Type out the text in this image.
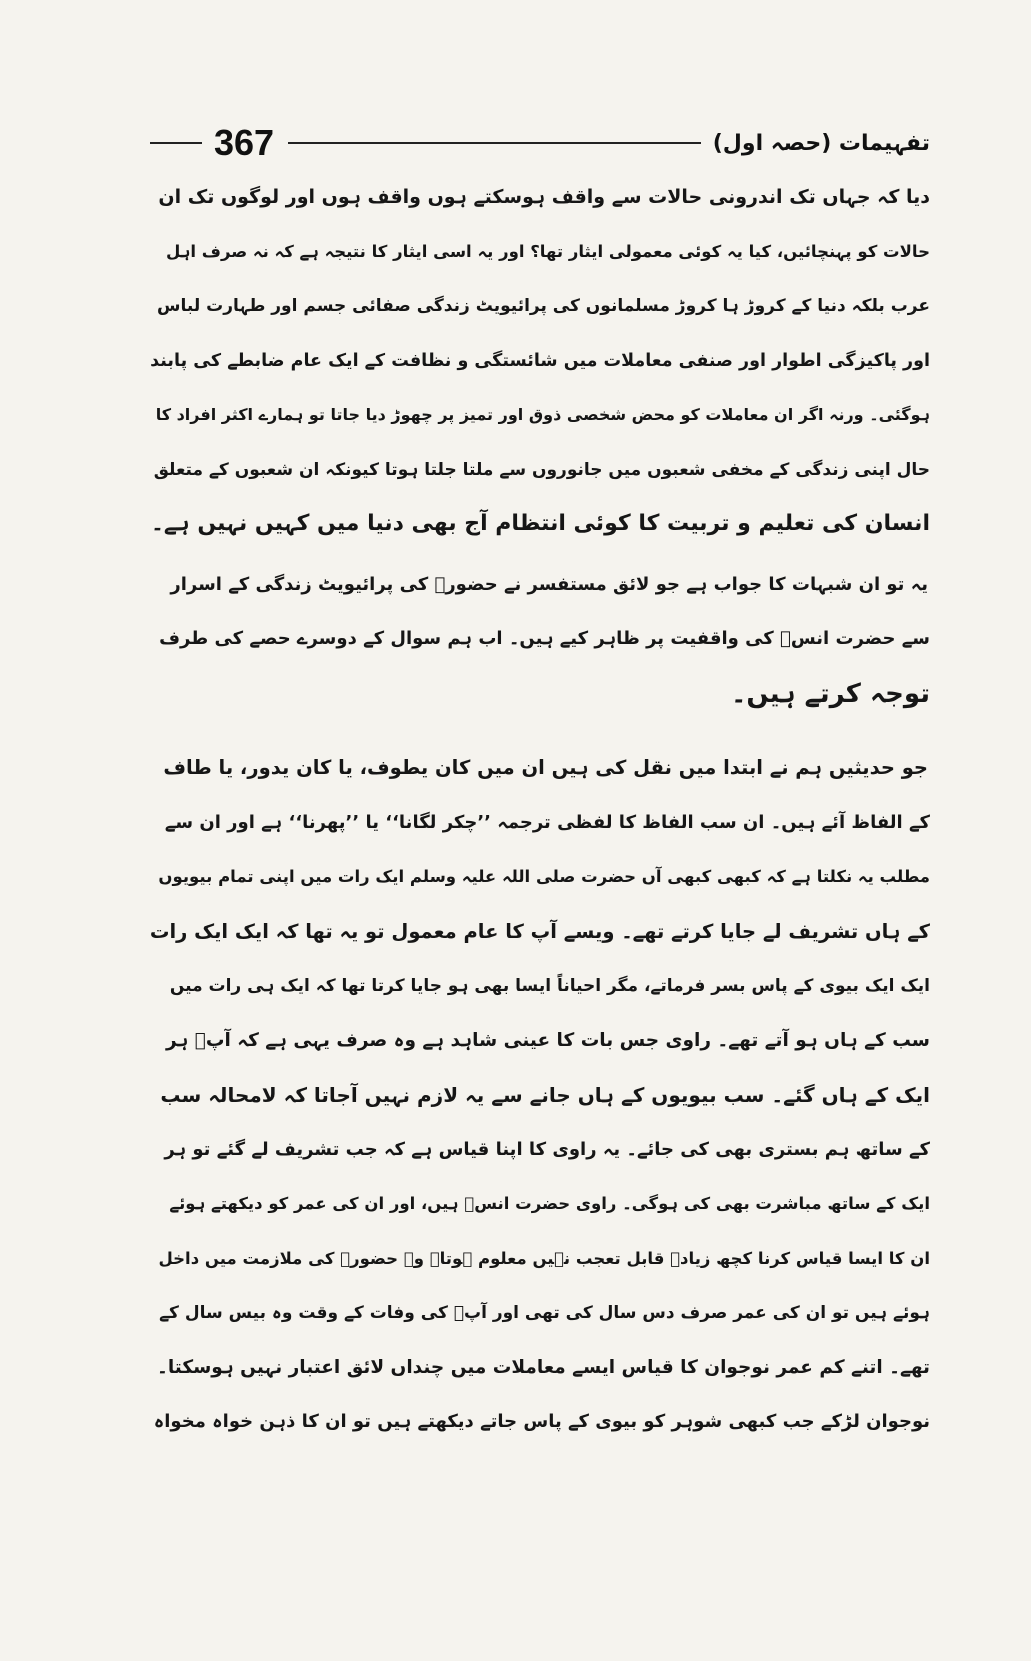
367	تفہیمات (حصہ اول)

دیا کہ جہاں تک اندرونی حالات سے واقف ہوسکتے ہوں واقف ہوں اور لوگوں تک ان

حالات کو پہنچائیں، کیا یہ کوئی معمولی ایثار تھا؟ اور یہ اسی ایثار کا نتیجہ ہے کہ نہ صرف اہل

عرب بلکہ دنیا کے کروڑ ہا کروڑ مسلمانوں کی پرائیویٹ زندگی صفائی جسم اور طہارت لباس

اور پاکیزگی اطوار اور صنفی معاملات میں شائستگی و نظافت کے ایک عام ضابطے کی پابند

ہوگئی۔ ورنہ اگر ان معاملات کو محض شخصی ذوق اور تمیز پر چھوڑ دیا جاتا تو ہمارے اکثر افراد کا

حال اپنی زندگی کے مخفی شعبوں میں جانوروں سے ملتا جلتا ہوتا کیونکہ ان شعبوں کے متعلق

انسان کی تعلیم و تربیت کا کوئی انتظام آج بھی دنیا میں کہیں نہیں ہے۔

یہ تو ان شبہات کا جواب ہے جو لائق مستفسر نے حضورؐ کی پرائیویٹ زندگی کے اسرار

سے حضرت انسؓ کی واقفیت پر ظاہر کیے ہیں۔ اب ہم سوال کے دوسرے حصے کی طرف

توجہ کرتے ہیں۔

جو حدیثیں ہم نے ابتدا میں نقل کی ہیں ان میں کان یطوف، یا کان یدور، یا طاف

کے الفاظ آئے ہیں۔ ان سب الفاظ کا لفظی ترجمہ ’’چکر لگانا‘‘ یا ’’پھرنا‘‘ ہے اور ان سے

مطلب یہ نکلتا ہے کہ کبھی کبھی آں حضرت صلی اللہ علیہ وسلم ایک رات میں اپنی تمام بیویوں

کے ہاں تشریف لے جایا کرتے تھے۔ ویسے آپ کا عام معمول تو یہ تھا کہ ایک ایک رات

ایک ایک بیوی کے پاس بسر فرماتے، مگر احیاناً ایسا بھی ہو جایا کرتا تھا کہ ایک ہی رات میں

سب کے ہاں ہو آتے تھے۔ راوی جس بات کا عینی شاہد ہے وہ صرف یہی ہے کہ آپؐ ہر

ایک کے ہاں گئے۔ سب بیویوں کے ہاں جانے سے یہ لازم نہیں آجاتا کہ لامحالہ سب

کے ساتھ ہم بستری بھی کی جائے۔ یہ راوی کا اپنا قیاس ہے کہ جب تشریف لے گئے تو ہر

ایک کے ساتھ مباشرت بھی کی ہوگی۔ راوی حضرت انسؓ ہیں، اور ان کی عمر کو دیکھتے ہوئے

ان کا ایسا قیاس کرنا کچھ زیادہ قابل تعجب نہیں معلوم ہوتا۔ وہ حضورؐ کی ملازمت میں داخل

ہوئے ہیں تو ان کی عمر صرف دس سال کی تھی اور آپؐ کی وفات کے وقت وہ بیس سال کے

تھے۔ اتنے کم عمر نوجوان کا قیاس ایسے معاملات میں چنداں لائق اعتبار نہیں ہوسکتا۔

نوجوان لڑکے جب کبھی شوہر کو بیوی کے پاس جاتے دیکھتے ہیں تو ان کا ذہن خواہ مخواہ
